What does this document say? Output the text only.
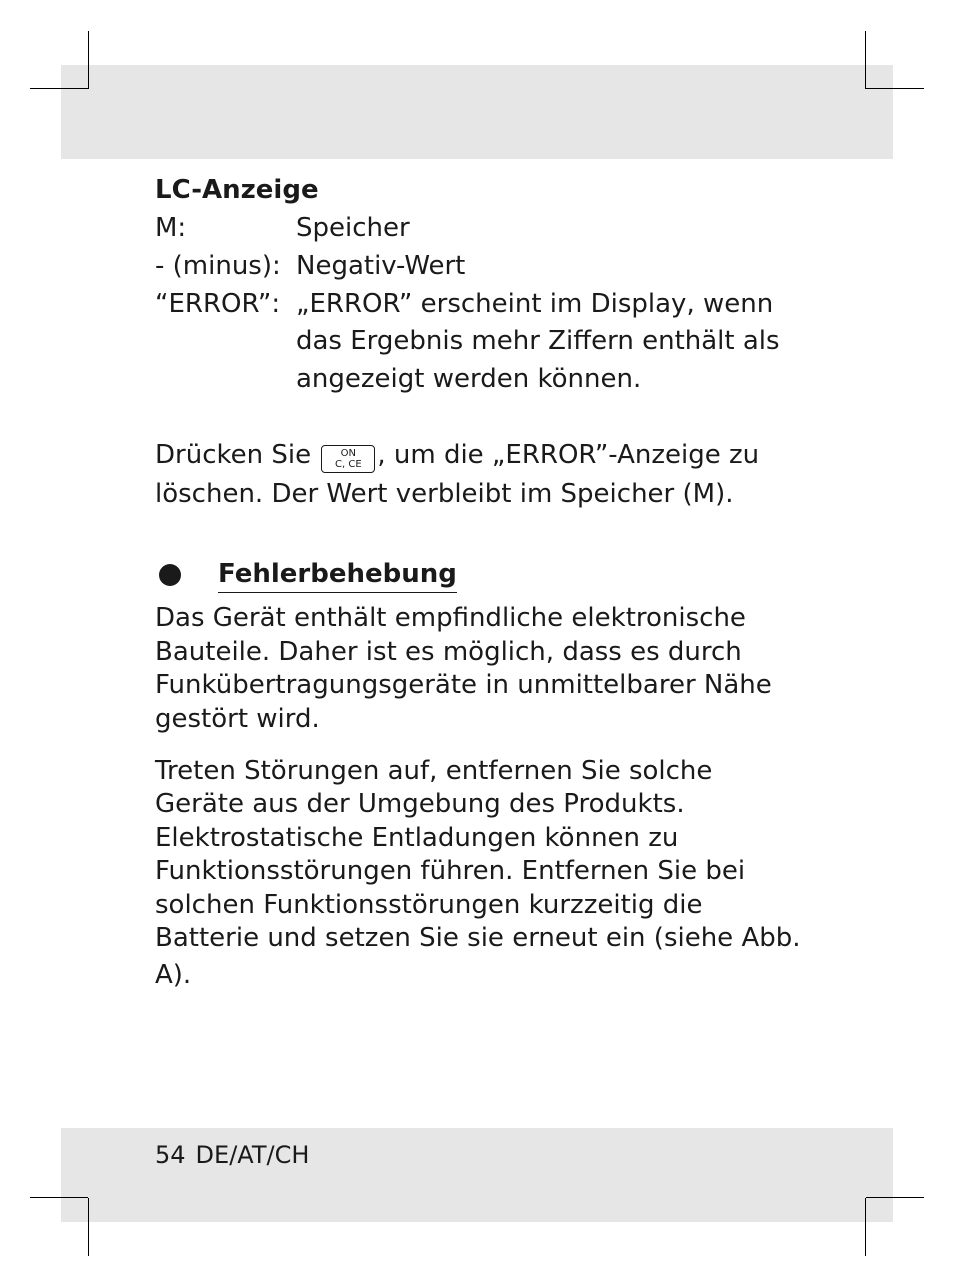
LC-Anzeige
M:	Speicher
- (minus): Negativ-Wert
“ERROR”: „ERROR” erscheint im Display, wenn
das Ergebnis mehr Ziffern enthält als
angezeigt werden können.
Drücken Sie	ON
C, CE , um die „ERROR”-Anzeige zu
löschen. Der Wert verbleibt im Speicher (M).
Fehlerbehebung
Das Gerät enthält empfindliche elektronische
Bauteile. Daher ist es möglich, dass es durch
Funkübertragungsgeräte in unmittelbarer Nähe
gestört wird.
Treten Störungen auf, entfernen Sie solche
Geräte aus der Umgebung des Produkts.
Elektrostatische Entladungen können zu
Funktionsstörungen führen. Entfernen Sie bei
solchen Funktionsstörungen kurzzeitig die
Batterie und setzen Sie sie erneut ein (siehe Abb.
A).
54 DE/AT/CH
